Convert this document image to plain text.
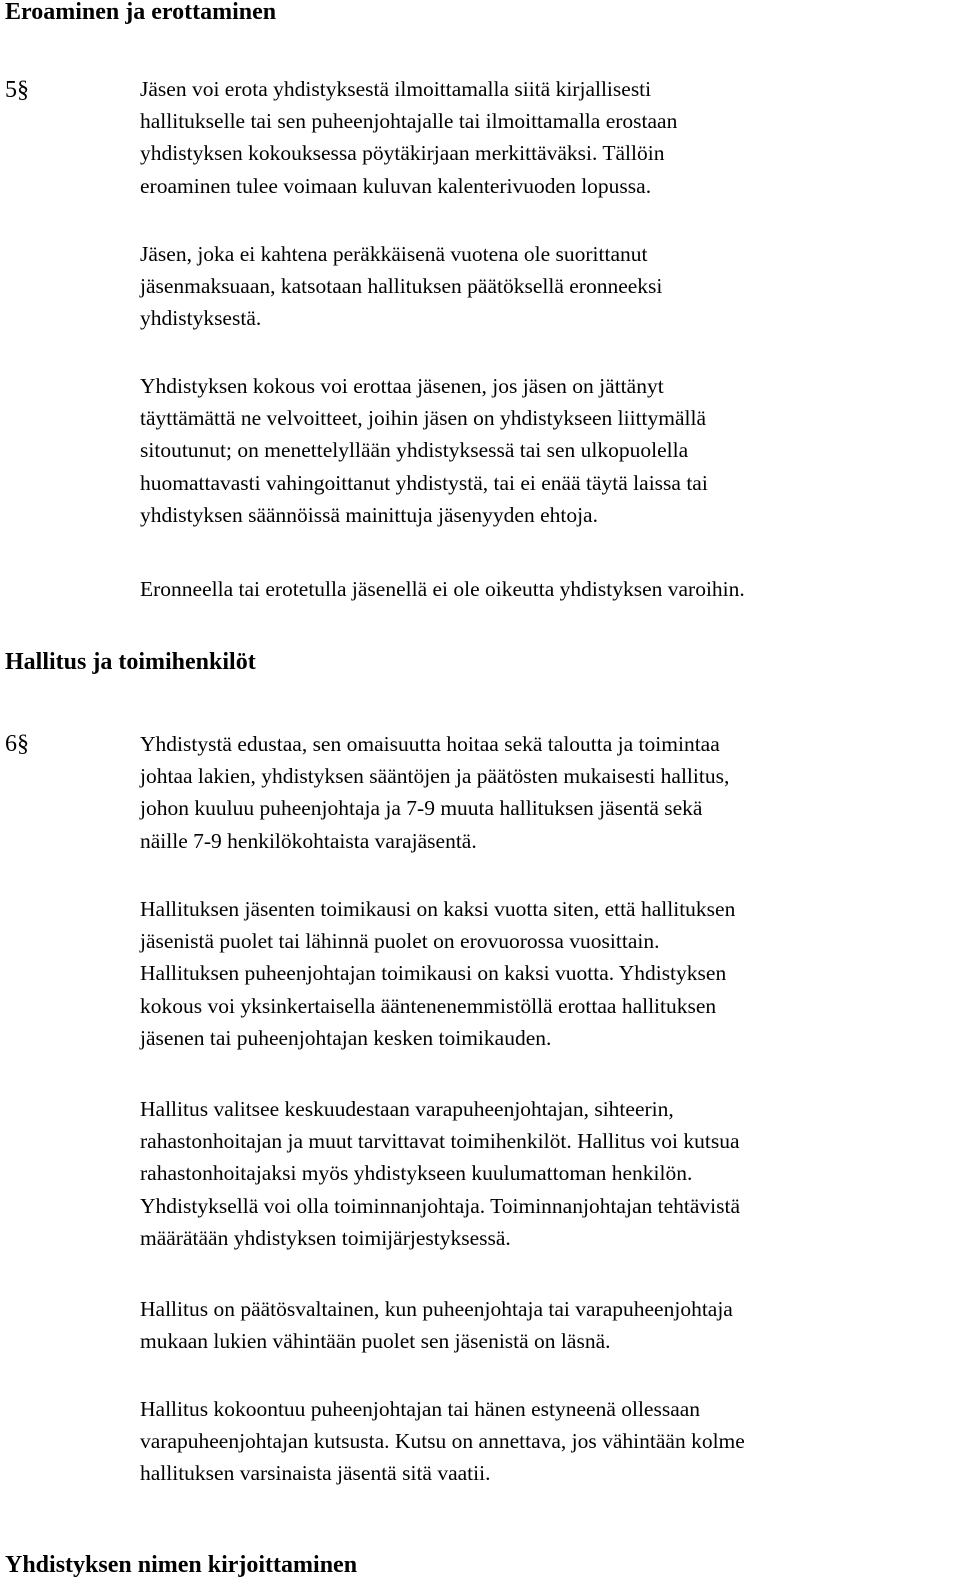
Eroaminen ja erottaminen
5§	Jäsen voi erota yhdistyksestä ilmoittamalla siitä kirjallisesti
hallitukselle tai sen puheenjohtajalle tai ilmoittamalla erostaan
yhdistyksen kokouksessa pöytäkirjaan merkittäväksi. Tällöin
eroaminen tulee voimaan kuluvan kalenterivuoden lopussa.

Jäsen, joka ei kahtena peräkkäisenä vuotena ole suorittanut
jäsenmaksuaan, katsotaan hallituksen päätöksellä eronneeksi
yhdistyksestä.

Yhdistyksen kokous voi erottaa jäsenen, jos jäsen on jättänyt
täyttämättä ne velvoitteet, joihin jäsen on yhdistykseen liittymällä
sitoutunut; on menettelyllään yhdistyksessä tai sen ulkopuolella
huomattavasti vahingoittanut yhdistystä, tai ei enää täytä laissa tai
yhdistyksen säännöissä mainittuja jäsenyyden ehtoja.

Eronneella tai erotetulla jäsenellä ei ole oikeutta yhdistyksen varoihin.

Hallitus ja toimihenkilöt
6§	Yhdistystä edustaa, sen omaisuutta hoitaa sekä taloutta ja toimintaa
johtaa lakien, yhdistyksen sääntöjen ja päätösten mukaisesti hallitus,
johon kuuluu puheenjohtaja ja 7-9 muuta hallituksen jäsentä sekä
näille 7-9 henkilökohtaista varajäsentä.

Hallituksen jäsenten toimikausi on kaksi vuotta siten, että hallituksen
jäsenistä puolet tai lähinnä puolet on erovuorossa vuosittain.
Hallituksen puheenjohtajan toimikausi on kaksi vuotta. Yhdistyksen
kokous voi yksinkertaisella ääntenenemmistöllä erottaa hallituksen
jäsenen tai puheenjohtajan kesken toimikauden.

Hallitus valitsee keskuudestaan varapuheenjohtajan, sihteerin,
rahastonhoitajan ja muut tarvittavat toimihenkilöt. Hallitus voi kutsua
rahastonhoitajaksi myös yhdistykseen kuulumattoman henkilön.
Yhdistyksellä voi olla toiminnanjohtaja. Toiminnanjohtajan tehtävistä
määrätään yhdistyksen toimijärjestyksessä.

Hallitus on päätösvaltainen, kun puheenjohtaja tai varapuheenjohtaja
mukaan lukien vähintään puolet sen jäsenistä on läsnä.

Hallitus kokoontuu puheenjohtajan tai hänen estyneenä ollessaan
varapuheenjohtajan kutsusta. Kutsu on annettava, jos vähintään kolme
hallituksen varsinaista jäsentä sitä vaatii.

Yhdistyksen nimen kirjoittaminen
